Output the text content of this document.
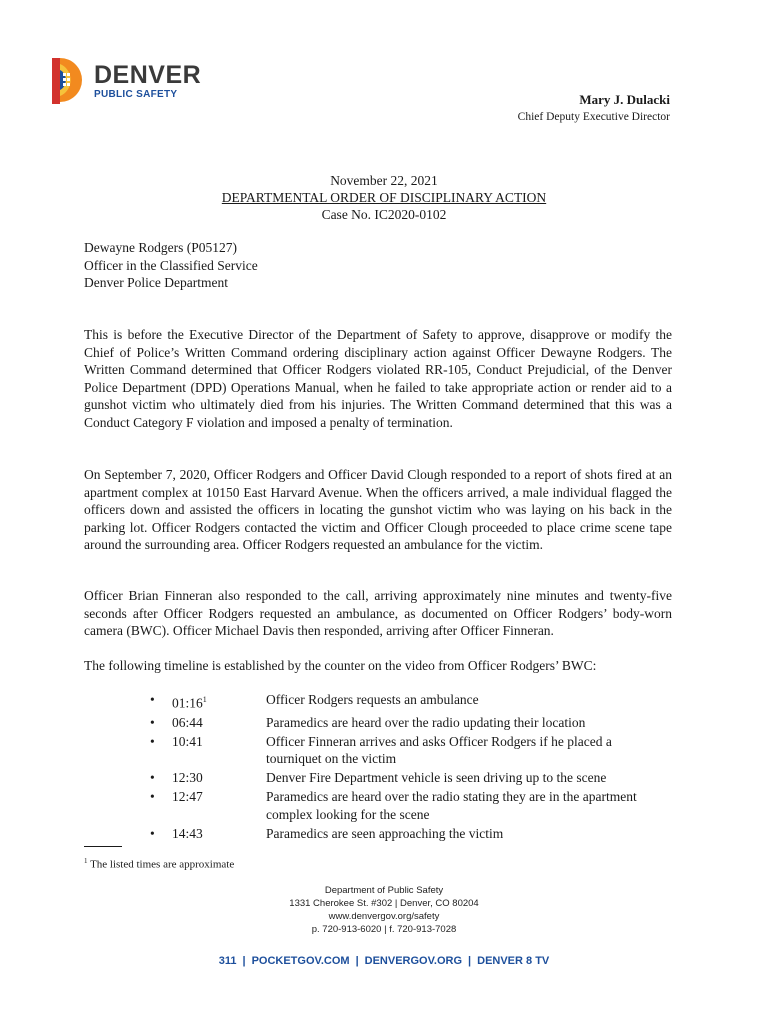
DENVER
PUBLIC SAFETY	Mary J. Dulacki
Chief Deputy Executive Director
November 22, 2021
DEPARTMENTAL ORDER OF DISCIPLINARY ACTION
Case No. IC2020-0102
Dewayne Rodgers (P05127)
Officer in the Classified Service
Denver Police Department

This is before the Executive Director of the Department of Safety to approve, disapprove or modify the Chief of Police’s Written Command ordering disciplinary action against Officer Dewayne Rodgers. The Written Command determined that Officer Rodgers violated RR-105, Conduct Prejudicial, of the Denver Police Department (DPD) Operations Manual, when he failed to take appropriate action or render aid to a gunshot victim who ultimately died from his injuries. The Written Command determined that this was a Conduct Category F violation and imposed a penalty of termination.

On September 7, 2020, Officer Rodgers and Officer David Clough responded to a report of shots fired at an apartment complex at 10150 East Harvard Avenue. When the officers arrived, a male individual flagged the officers down and assisted the officers in locating the gunshot victim who was laying on his back in the parking lot. Officer Rodgers contacted the victim and Officer Clough proceeded to place crime scene tape around the surrounding area. Officer Rodgers requested an ambulance for the victim.

Officer Brian Finneran also responded to the call, arriving approximately nine minutes and twenty-five seconds after Officer Rodgers requested an ambulance, as documented on Officer Rodgers’ body-worn camera (BWC). Officer Michael Davis then responded, arriving after Officer Finneran.

The following timeline is established by the counter on the video from Officer Rodgers’ BWC:

•	$01:16^1$	Officer Rodgers requests an ambulance
•	06:44	Paramedics are heard over the radio updating their location
•	10:41	Officer Finneran arrives and asks Officer Rodgers if he placed a tourniquet on the victim
•	12:30	Denver Fire Department vehicle is seen driving up to the scene
•	12:47	Paramedics are heard over the radio stating they are in the apartment complex looking for the scene
•	14:43	Paramedics are seen approaching the victim
$^1$ The listed times are approximate
Department of Public Safety
1331 Cherokee St. #302 | Denver, CO 80204
www.denvergov.org/safety
p. 720-913-6020 | f. 720-913-7028
311 | POCKETGOV.COM | DENVERGOV.ORG | DENVER 8 TV
